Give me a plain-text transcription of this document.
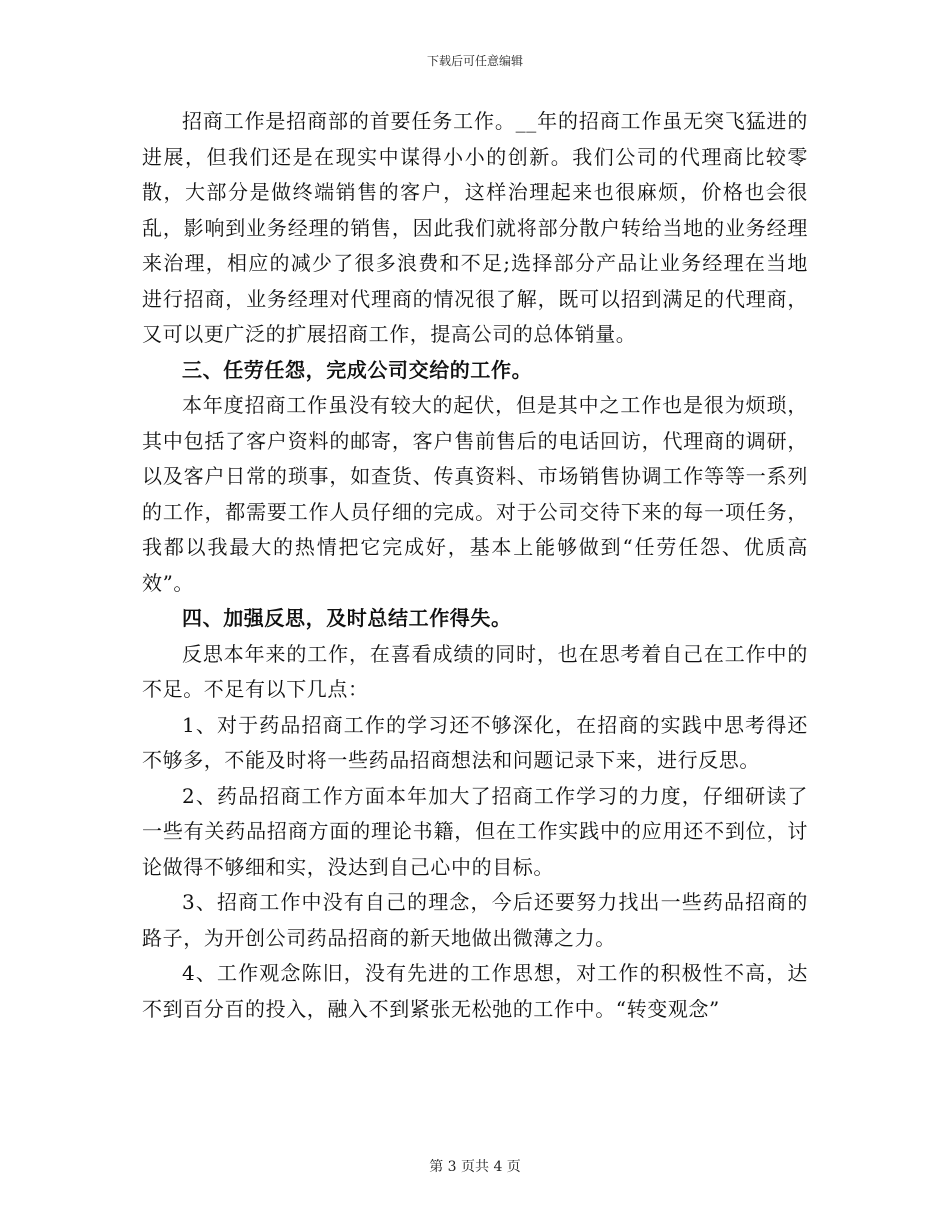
下载后可任意编辑

招商工作是招商部的首要任务工作。__年的招商工作虽无突飞猛进的进展，但我们还是在现实中谋得小小的创新。我们公司的代理商比较零散，大部分是做终端销售的客户，这样治理起来也很麻烦，价格也会很乱，影响到业务经理的销售，因此我们就将部分散户转给当地的业务经理来治理，相应的减少了很多浪费和不足;选择部分产品让业务经理在当地进行招商，业务经理对代理商的情况很了解，既可以招到满足的代理商，又可以更广泛的扩展招商工作，提高公司的总体销量。

三、任劳任怨，完成公司交给的工作。

本年度招商工作虽没有较大的起伏，但是其中之工作也是很为烦琐，其中包括了客户资料的邮寄，客户售前售后的电话回访，代理商的调研，以及客户日常的琐事，如查货、传真资料、市场销售协调工作等等一系列的工作，都需要工作人员仔细的完成。对于公司交待下来的每一项任务，我都以我最大的热情把它完成好，基本上能够做到“任劳任怨、优质高效”。

四、加强反思，及时总结工作得失。

反思本年来的工作，在喜看成绩的同时，也在思考着自己在工作中的不足。不足有以下几点：

1、对于药品招商工作的学习还不够深化，在招商的实践中思考得还不够多，不能及时将一些药品招商想法和问题记录下来，进行反思。

2、药品招商工作方面本年加大了招商工作学习的力度，仔细研读了一些有关药品招商方面的理论书籍，但在工作实践中的应用还不到位，讨论做得不够细和实，没达到自己心中的目标。

3、招商工作中没有自己的理念，今后还要努力找出一些药品招商的路子，为开创公司药品招商的新天地做出微薄之力。

4、工作观念陈旧，没有先进的工作思想，对工作的积极性不高，达不到百分百的投入，融入不到紧张无松弛的工作中。“转变观念”

第 3 页共 4 页
